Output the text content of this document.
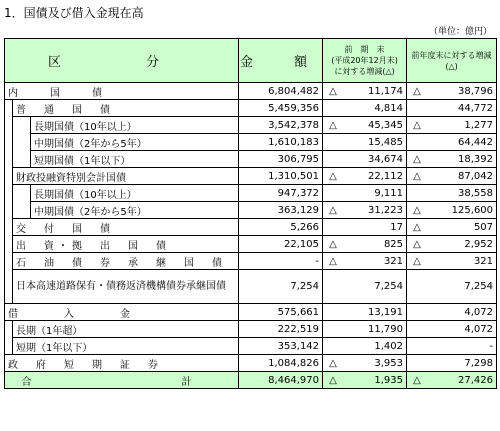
1．国債及び借入金現在高
（単位：億円）
区　分			金　額	前　期　末
(平成20年12月末)
に対する増減(△)	前年度末に対する増減(△)
内　　国　　債			6,804,482	△ 11,174	△ 38,796
	普　通　国　債		5,459,356	4,814	44,772
		長期国債（10年以上）	3,542,378	△ 45,345	△ 1,277
		中期国債（2年から5年）	1,610,183	15,485	64,442
		短期国債（1年以下）	306,795	34,674	△ 18,392
	財政投融資特別会計国債		1,310,501	△ 22,112	△ 87,042
		長期国債（10年以上）	947,372	9,111	38,558
		中期国債（2年から5年）	363,129	△ 31,223	△ 125,600
	交　付　国　債		5,266	17	△ 507
	出　資・拠　出　国　債		22,105	△ 825	△ 2,952
	石　油　債　券　承　継　国　債		-	△ 321	△ 321
	日本高速道路保有・債務返済機構債券承継国債		7,254	7,254	7,254
借　　　入　　　金			575,661	13,191	4,072
	長期（1年超）		222,519	11,790	4,072
	短期（1年以下）		353,142	1,402	-
政　府　短　期　証　券			1,084,826	△ 3,953	7,298
合　　　計			8,464,970	△ 1,935	△ 27,426
